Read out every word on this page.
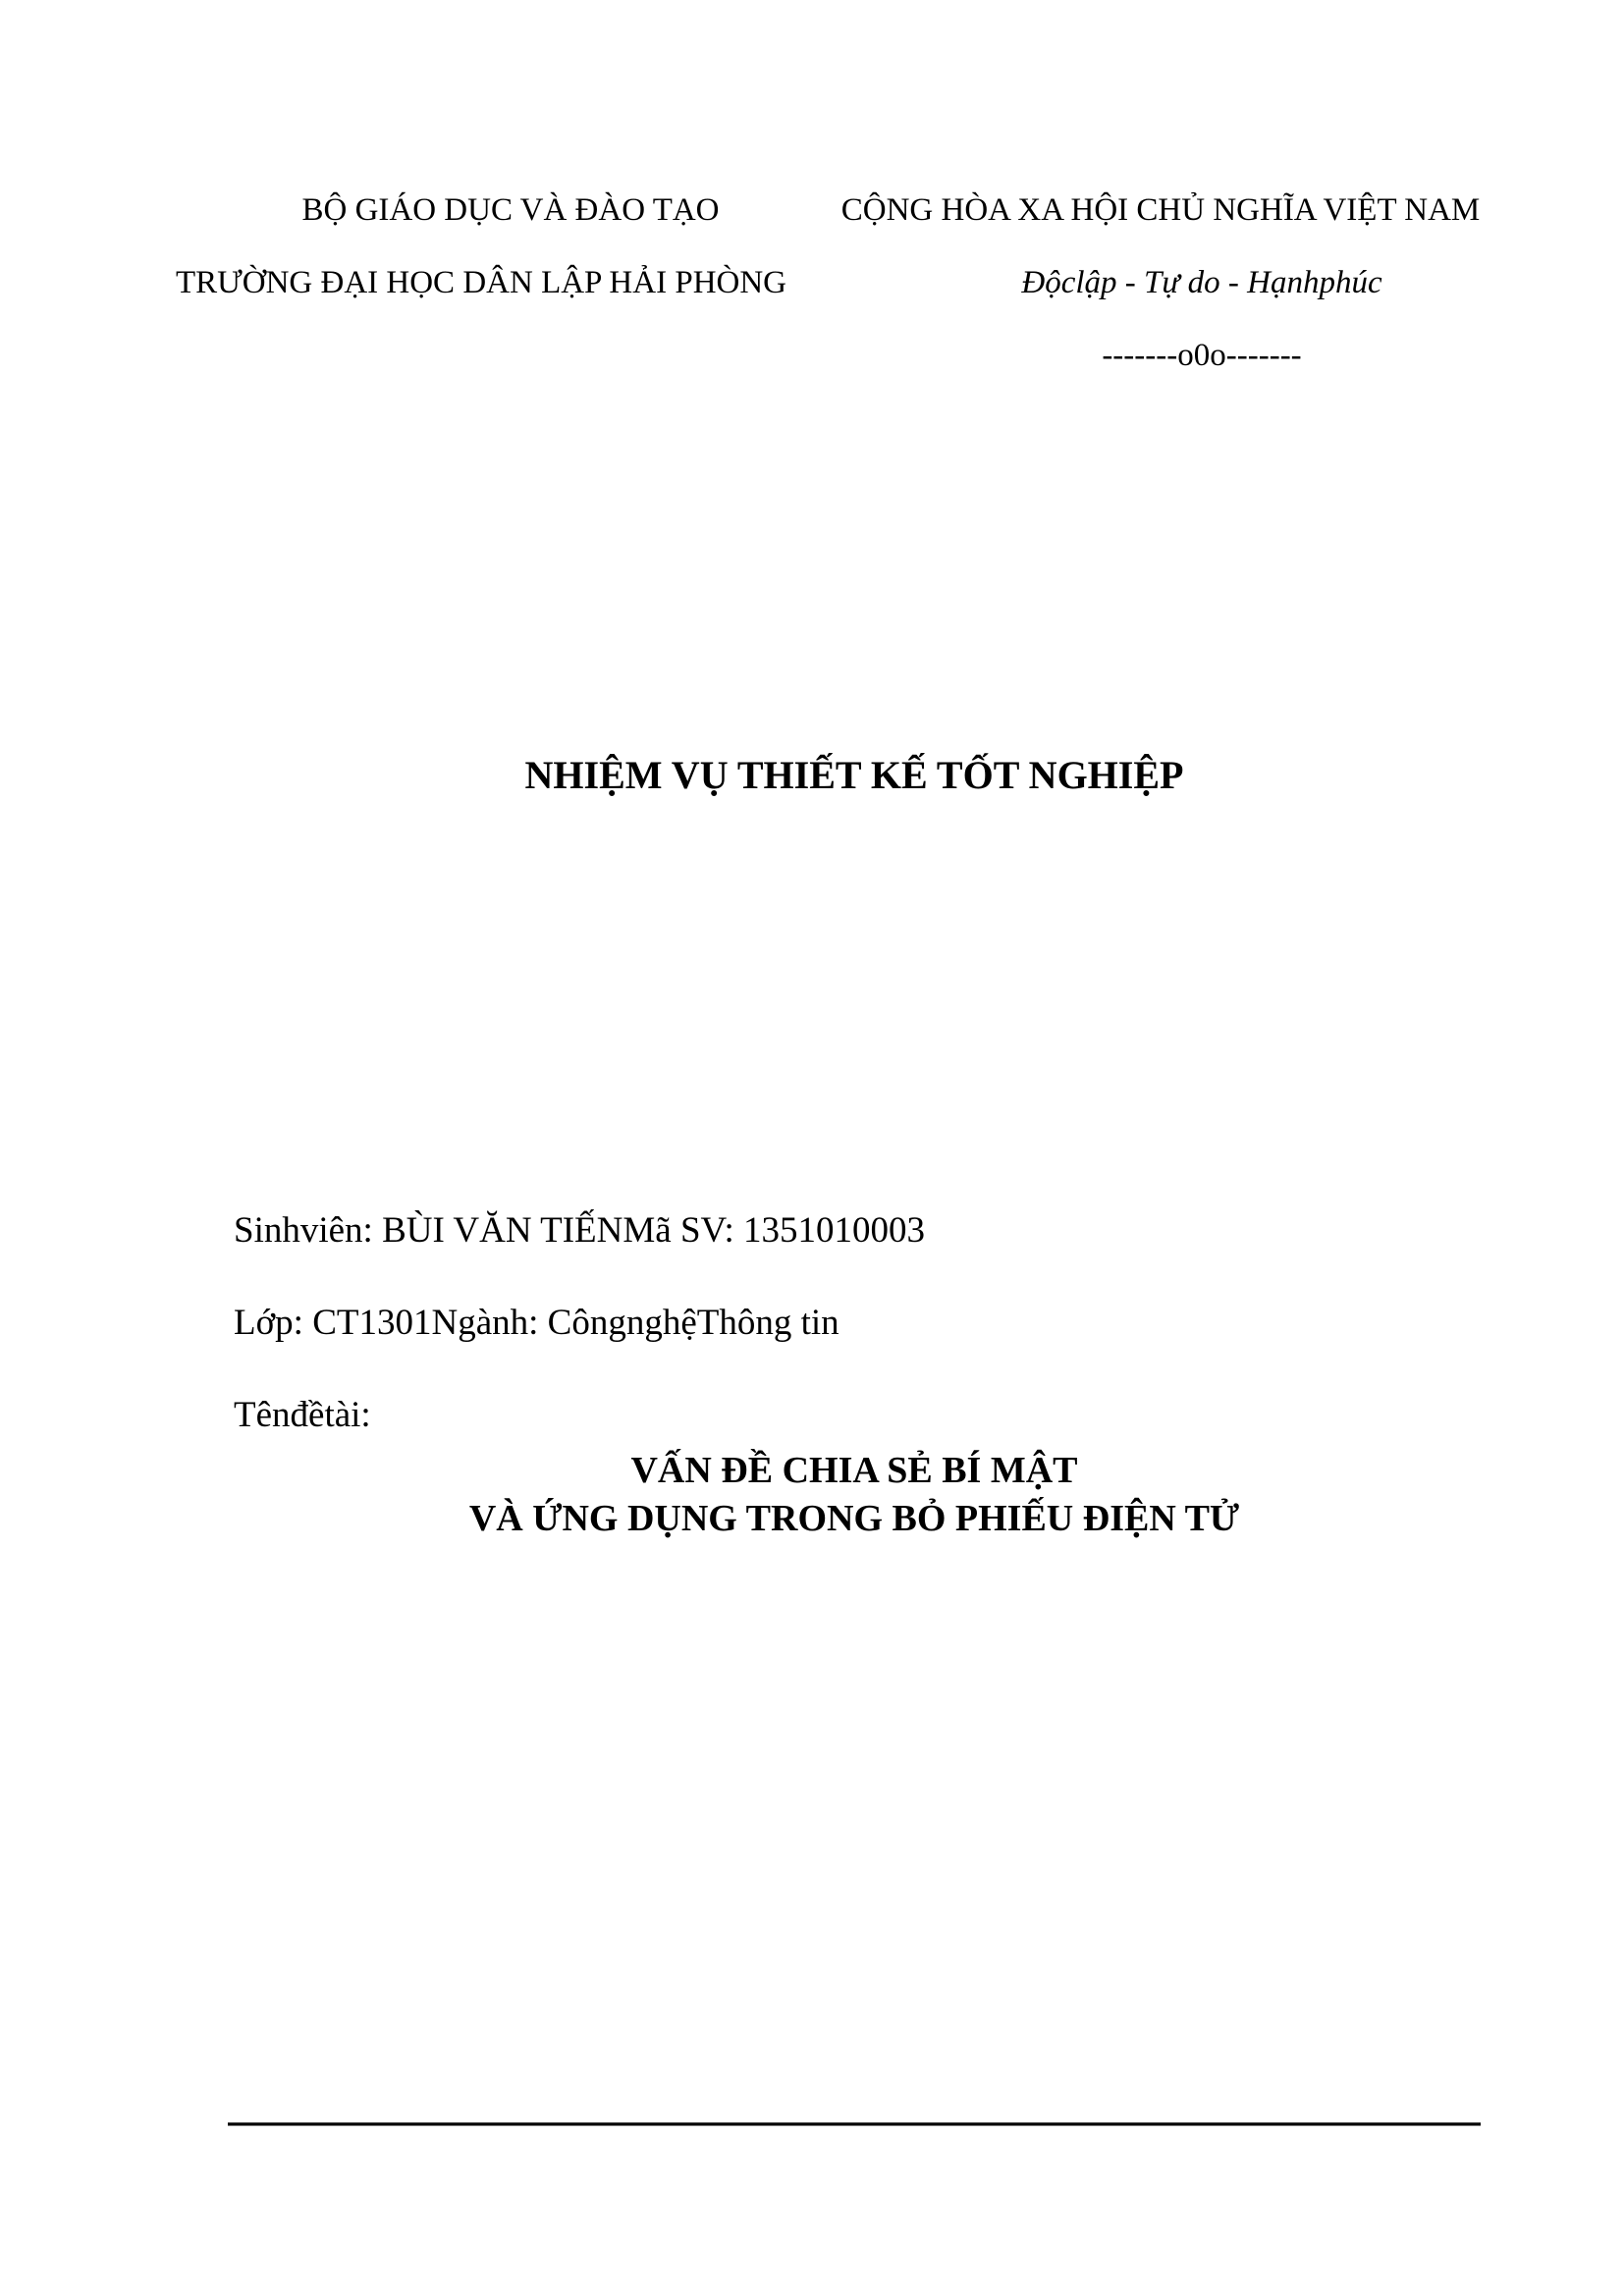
BỘ GIÁO DỤC VÀ ĐÀO TẠO
TRƯỜNG ĐẠI HỌC DÂN LẬP HẢI PHÒNG
CỘNG HÒA XA HỘI CHỦ NGHĨA VIỆT NAM
Độclập - Tự do - Hạnhphúc
-------o0o-------
NHIỆM VỤ THIẾT KẾ TỐT NGHIỆP
Sinhviên: BÙI VĂN TIẾNMã SV: 1351010003
Lớp: CT1301Ngành: CôngnghệThông tin
Tênđềtài:
VẤN ĐỀ CHIA SẺ BÍ MẬT
VÀ ỨNG DỤNG TRONG BỎ PHIẾU ĐIỆN TỬ
